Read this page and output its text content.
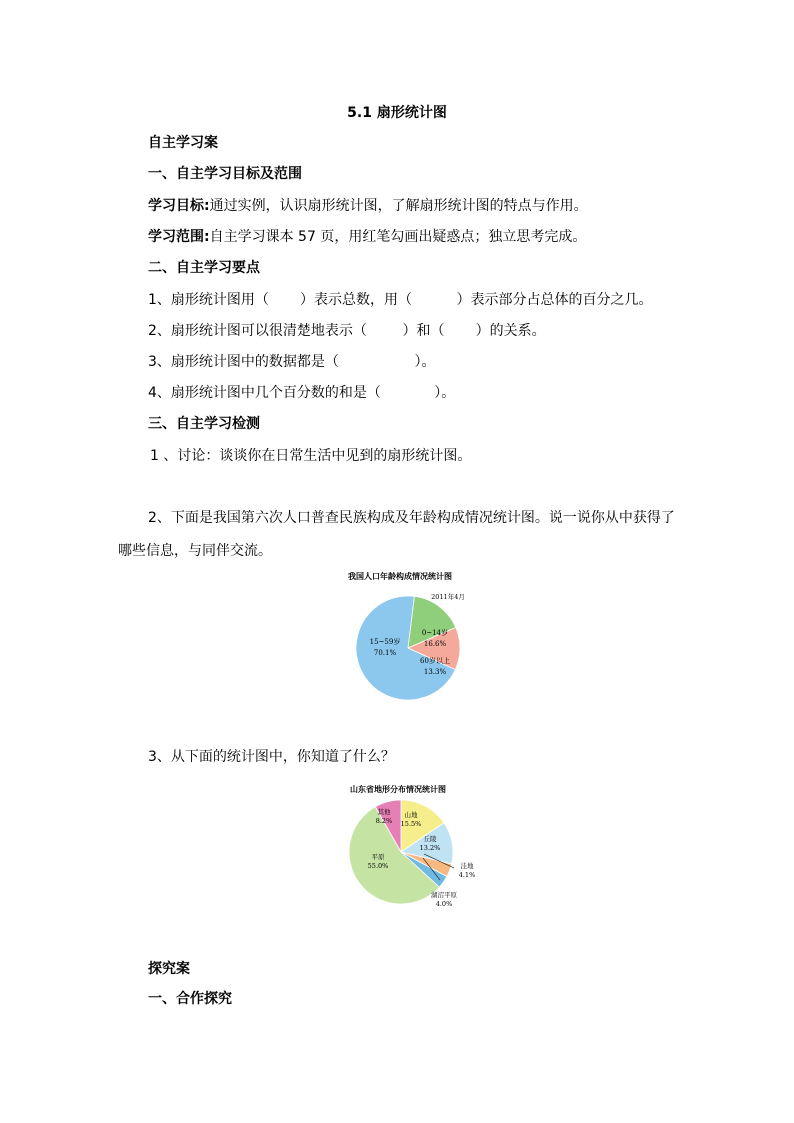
5.1 扇形统计图
自主学习案
一、自主学习目标及范围
学习目标:通过实例，认识扇形统计图，了解扇形统计图的特点与作用。
学习范围:自主学习课本 57 页，用红笔勾画出疑惑点；独立思考完成。
二、自主学习要点
1、扇形统计图用（       ）表示总数，用（          ）表示部分占总体的百分之几。
2、扇形统计图可以很清楚地表示（        ）和（       ）的关系。
3、扇形统计图中的数据都是（                 ）。
4、扇形统计图中几个百分数的和是（            ）。
三、自主学习检测
1 、讨论：谈谈你在日常生活中见到的扇形统计图。
2、下面是我国第六次人口普查民族构成及年龄构成情况统计图。说一说你从中获得了
哪些信息，与同伴交流。
我国人口年龄构成情况统计图
2011年4月
0~14岁
16.6%
60岁以上
13.3%
15~59岁
70.1%
3、从下面的统计图中，你知道了什么？
山东省地形分布情况统计图
其他
8.2%
山地
15.5%
丘陵
13.2%
洼地
4.1%
湖沼平原
4.0%
平原
55.0%
探究案
一、合作探究
